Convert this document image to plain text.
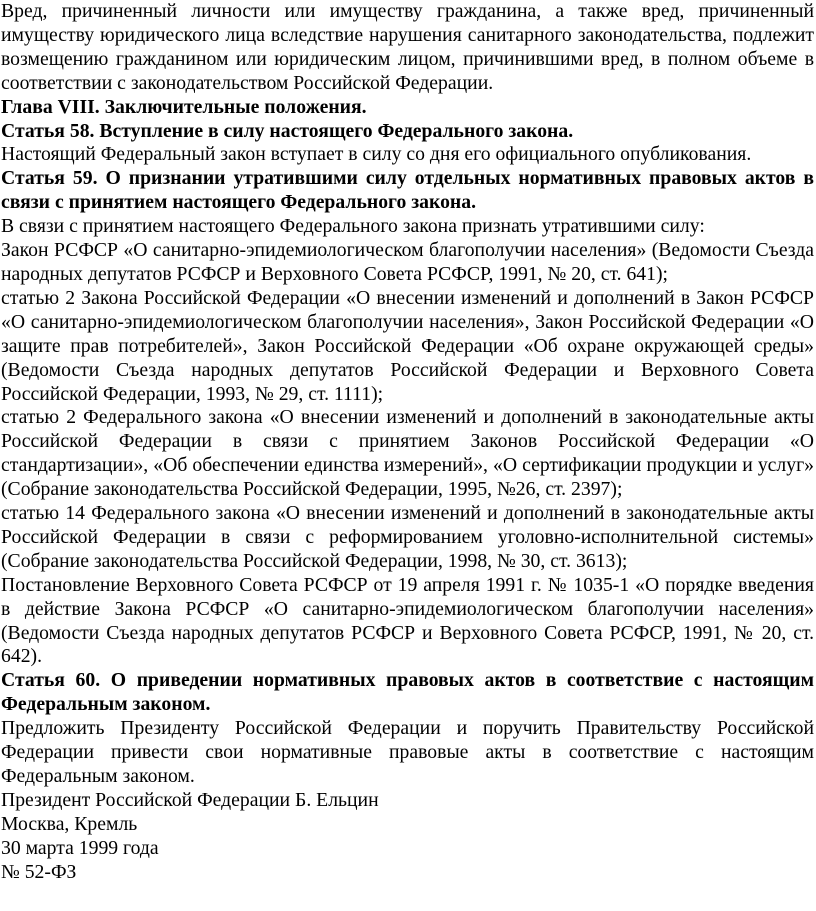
Вред, причиненный личности или имуществу гражданина, а также вред, причиненный имуществу юридического лица вследствие нарушения санитарного законодательства, подлежит возмещению гражданином или юридическим лицом, причинившими вред, в полном объеме в соответствии с законодательством Российской Федерации.

Глава VIII. Заключительные положения.

Статья 58. Вступление в силу настоящего Федерального закона.

Настоящий Федеральный закон вступает в силу со дня его официального опубликования.

Статья 59. О признании утратившими силу отдельных нормативных правовых актов в связи с принятием настоящего Федерального закона.

В связи с принятием настоящего Федерального закона признать утратившими силу:

Закон РСФСР «О санитарно-эпидемиологическом благополучии населения» (Ведомости Съезда народных депутатов РСФСР и Верховного Совета РСФСР, 1991, № 20, ст. 641);

статью 2 Закона Российской Федерации «О внесении изменений и дополнений в Закон РСФСР «О санитарно-эпидемиологическом благополучии населения», Закон Российской Федерации «О защите прав потребителей», Закон Российской Федерации «Об охране окружающей среды» (Ведомости Съезда народных депутатов Российской Федерации и Верховного Совета Российской Федерации, 1993, № 29, ст. 1111);

статью 2 Федерального закона «О внесении изменений и дополнений в законодательные акты Российской Федерации в связи с принятием Законов Российской Федерации «О стандартизации», «Об обеспечении единства измерений», «О сертификации продукции и услуг» (Собрание законодательства Российской Федерации, 1995, №26, ст. 2397);

статью 14 Федерального закона «О внесении изменений и дополнений в законодательные акты Российской Федерации в связи с реформированием уголовно-исполнительной системы» (Собрание законодательства Российской Федерации, 1998, № 30, ст. 3613);

Постановление Верховного Совета РСФСР от 19 апреля 1991 г. № 1035-1 «О порядке введения в действие Закона РСФСР «О санитарно-эпидемиологическом благополучии населения» (Ведомости Съезда народных депутатов РСФСР и Верховного Совета РСФСР, 1991, № 20, ст. 642).

Статья 60. О приведении нормативных правовых актов в соответствие с настоящим Федеральным законом.

Предложить Президенту Российской Федерации и поручить Правительству Российской Федерации привести свои нормативные правовые акты в соответствие с настоящим Федеральным законом.

Президент Российской Федерации Б. Ельцин

Москва, Кремль

30 марта 1999 года

№ 52-ФЗ
